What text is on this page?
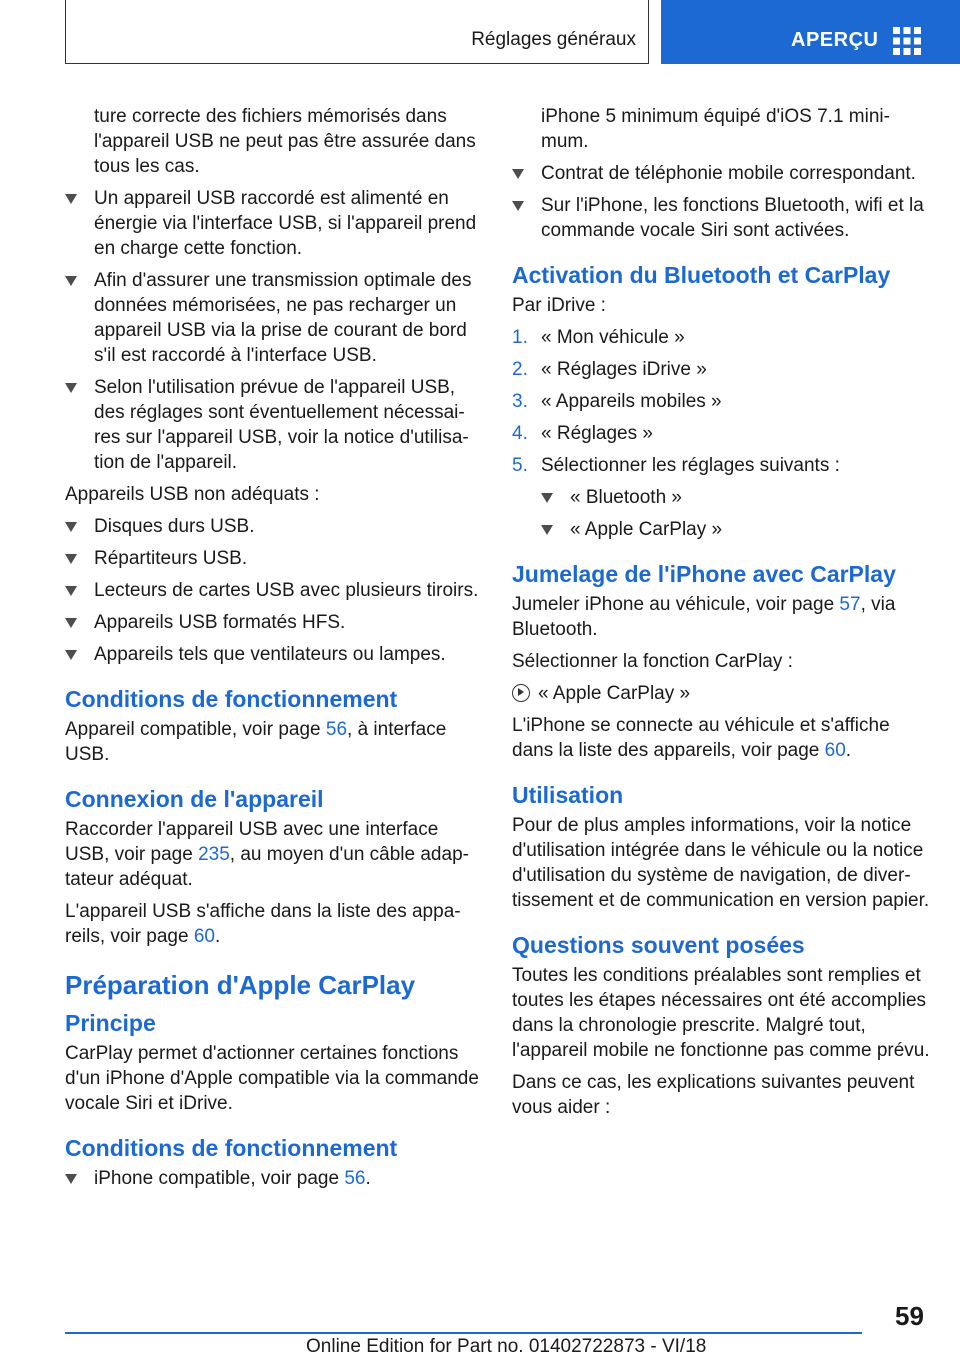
Réglages généraux	APERÇU
ture correcte des fichiers mémorisés dans l'appareil USB ne peut pas être assurée dans tous les cas.
Un appareil USB raccordé est alimenté en énergie via l'interface USB, si l'appareil prend en charge cette fonction.
Afin d'assurer une transmission optimale des données mémorisées, ne pas recharger un appareil USB via la prise de courant de bord s'il est raccordé à l'interface USB.
Selon l'utilisation prévue de l'appareil USB, des réglages sont éventuellement nécessaires sur l'appareil USB, voir la notice d'utilisation de l'appareil.

Appareils USB non adéquats :

Disques durs USB.
Répartiteurs USB.
Lecteurs de cartes USB avec plusieurs tiroirs.
Appareils USB formatés HFS.
Appareils tels que ventilateurs ou lampes.
Conditions de fonctionnement

Appareil compatible, voir page 56, à interface USB.

Connexion de l'appareil

Raccorder l'appareil USB avec une interface USB, voir page 235, au moyen d'un câble adaptateur adéquat.

L'appareil USB s'affiche dans la liste des appareils, voir page 60.

Préparation d'Apple CarPlay
Principe

CarPlay permet d'actionner certaines fonctions d'un iPhone d'Apple compatible via la commande vocale Siri et iDrive.

Conditions de fonctionnement
iPhone compatible, voir page 56.
iPhone 5 minimum équipé d'iOS 7.1 minimum.
Contrat de téléphonie mobile correspondant.
Sur l'iPhone, les fonctions Bluetooth, wifi et la commande vocale Siri sont activées.
Activation du Bluetooth et CarPlay

Par iDrive :

1. « Mon véhicule »
2. « Réglages iDrive »
3. « Appareils mobiles »
4. « Réglages »
5. Sélectionner les réglages suivants :
« Bluetooth »
« Apple CarPlay »
Jumelage de l'iPhone avec CarPlay

Jumeler iPhone au véhicule, voir page 57, via Bluetooth.

Sélectionner la fonction CarPlay :

« Apple CarPlay »

L'iPhone se connecte au véhicule et s'affiche dans la liste des appareils, voir page 60.

Utilisation

Pour de plus amples informations, voir la notice d'utilisation intégrée dans le véhicule ou la notice d'utilisation du système de navigation, de divertissement et de communication en version papier.

Questions souvent posées

Toutes les conditions préalables sont remplies et toutes les étapes nécessaires ont été accomplies dans la chronologie prescrite. Malgré tout, l'appareil mobile ne fonctionne pas comme prévu.

Dans ce cas, les explications suivantes peuvent vous aider :

59
Online Edition for Part no. 01402722873 - VI/18
